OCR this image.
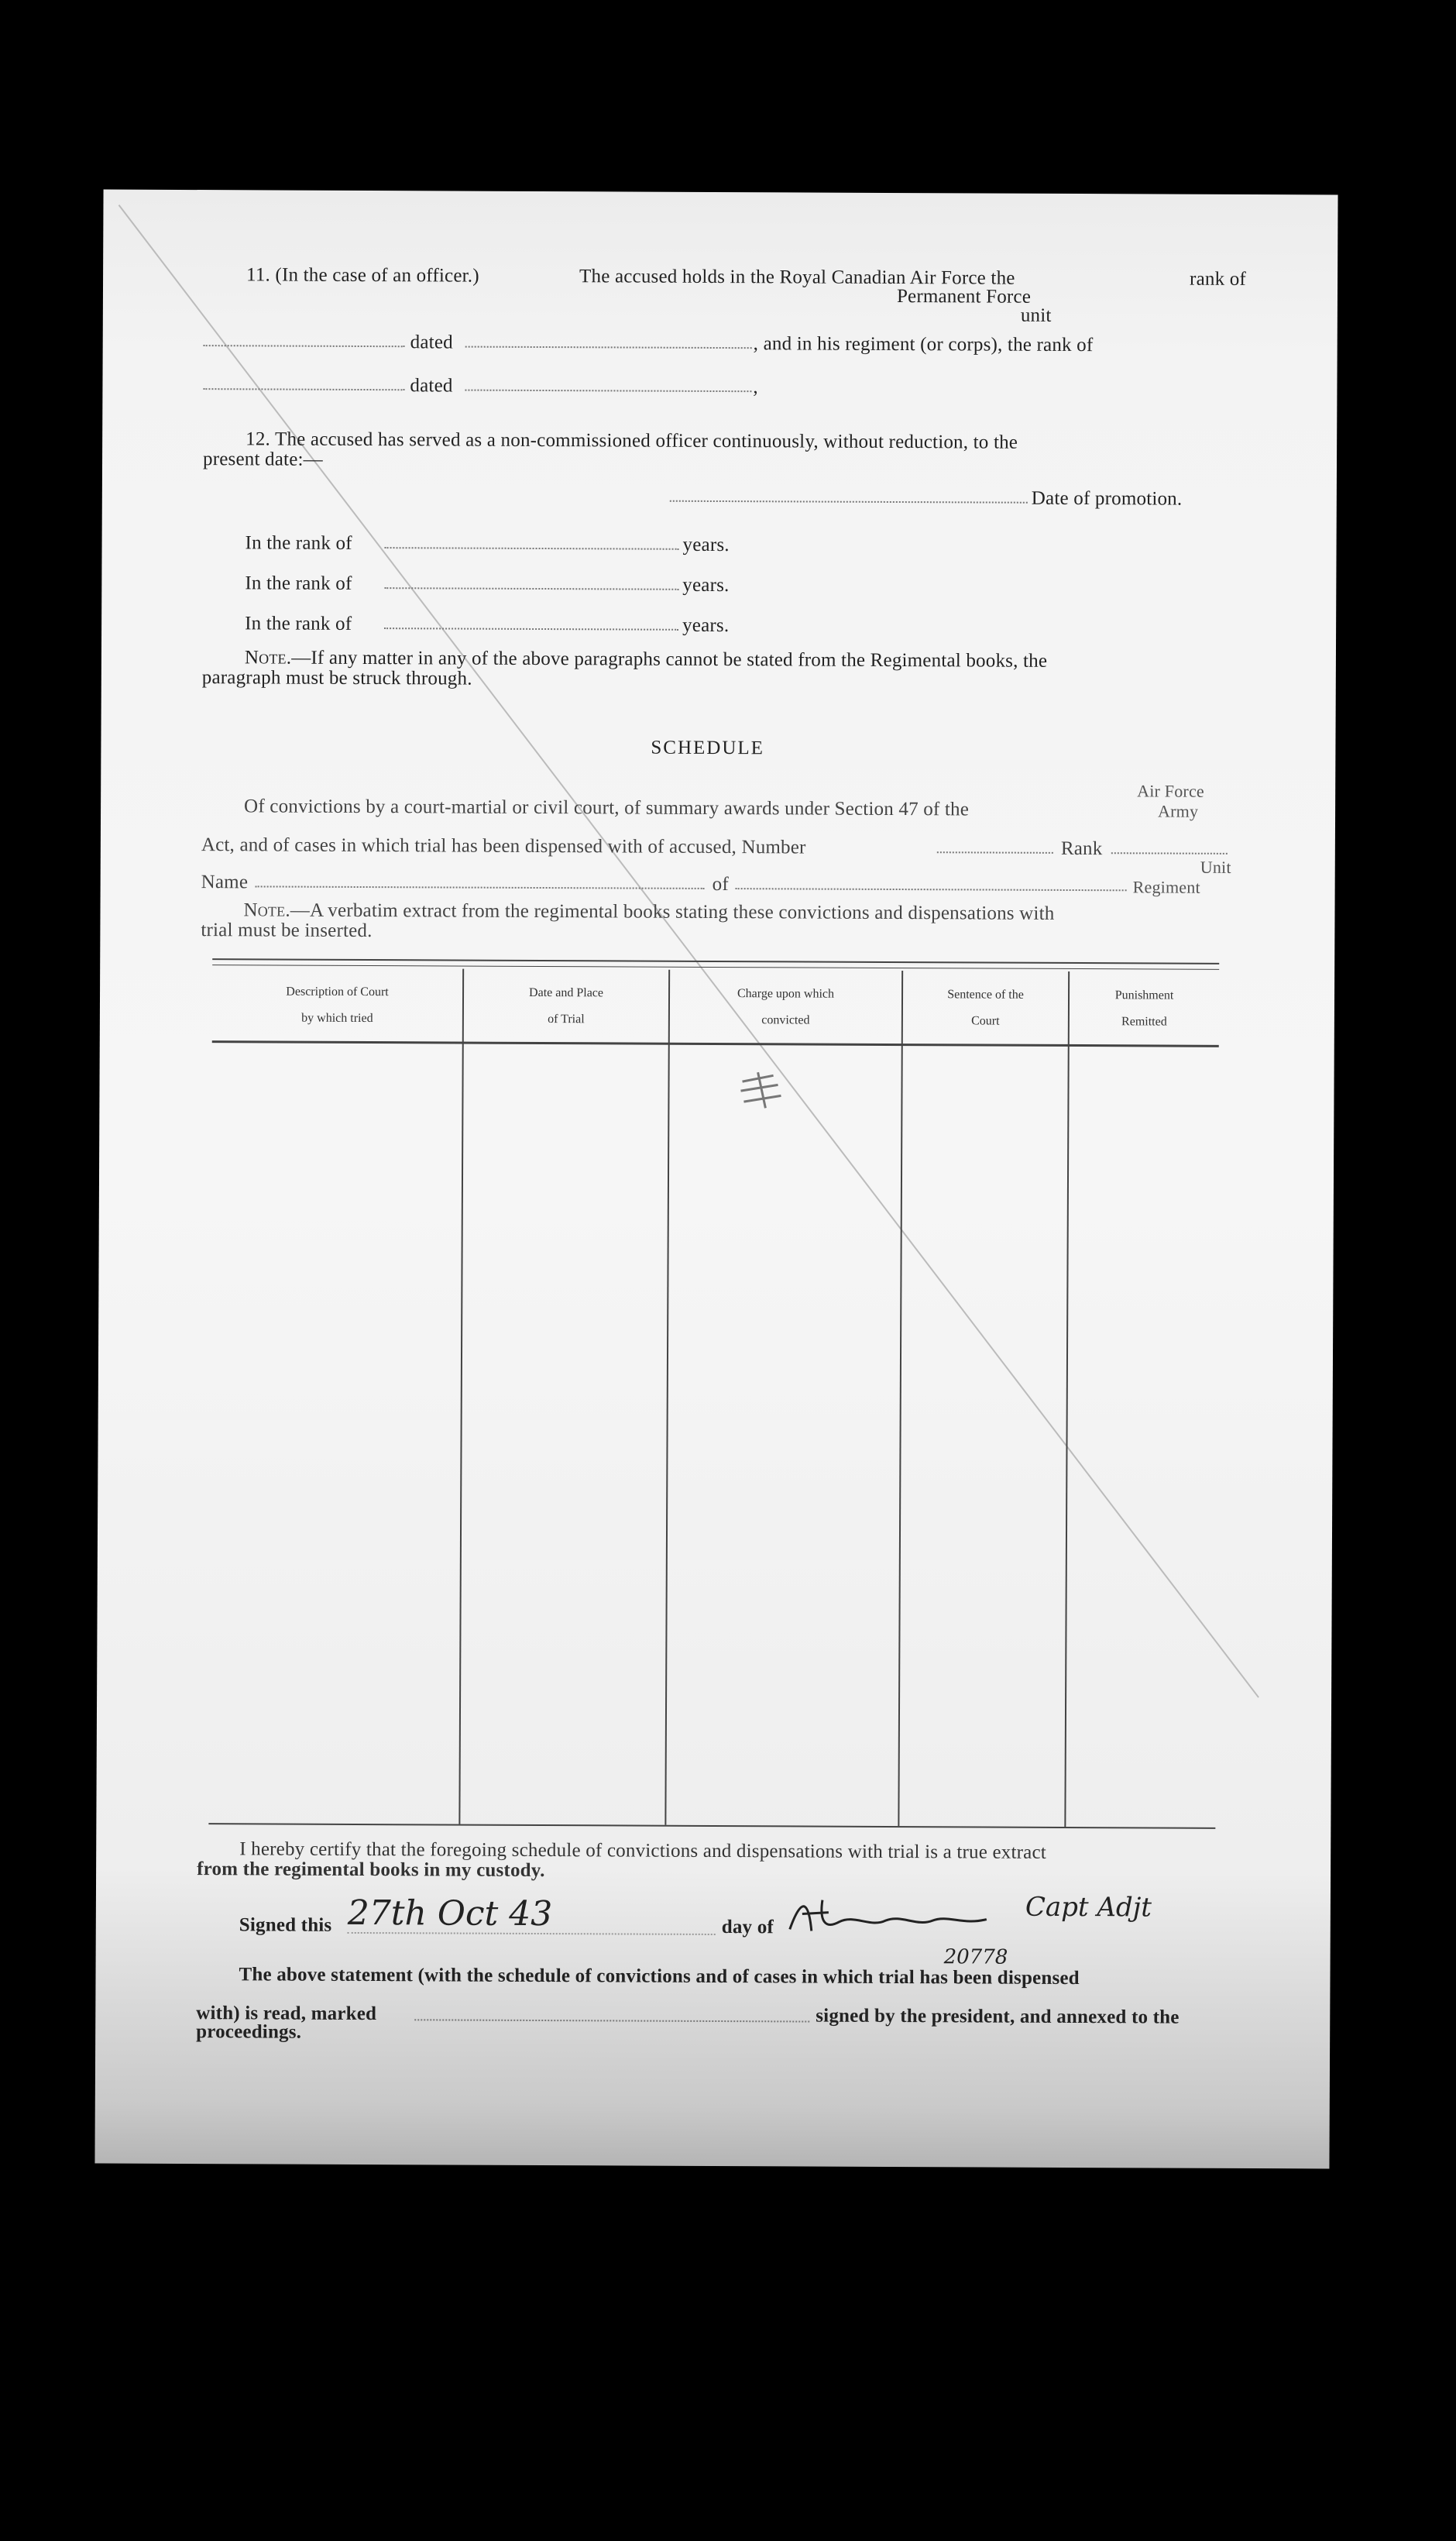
11. (In the case of an officer.)	The accused holds in the Royal Canadian Air Force the	rank of
Permanent Force
unit
dated	, and in his regiment (or corps), the rank of
dated	,
12. The accused has served as a non-commissioned officer continuously, without reduction, to the
present date:—
Date of promotion.
In the rank of	years.
In the rank of	years.
In the rank of	years.
Note.—If any matter in any of the above paragraphs cannot be stated from the Regimental books, the
paragraph must be struck through.
SCHEDULE
Air Force
Of convictions by a court-martial or civil court, of summary awards under Section 47 of the	Army
Act, and of cases in which trial has been dispensed with of accused, Number	Rank
Unit
Name	of	Regiment
Note.—A verbatim extract from the regimental books stating these convictions and dispensations with
trial must be inserted.
Description of Court
by which tried
Date and Place
of Trial
Charge upon which
convicted
Sentence of the
Court
Punishment
Remitted
I hereby certify that the foregoing schedule of convictions and dispensations with trial is a true extract
from the regimental books in my custody.
Signed this 27th Oct 43	day of
Capt Adjt
20778
The above statement (with the schedule of convictions and of cases in which trial has been dispensed
with) is read, marked	signed by the president, and annexed to the
proceedings.
